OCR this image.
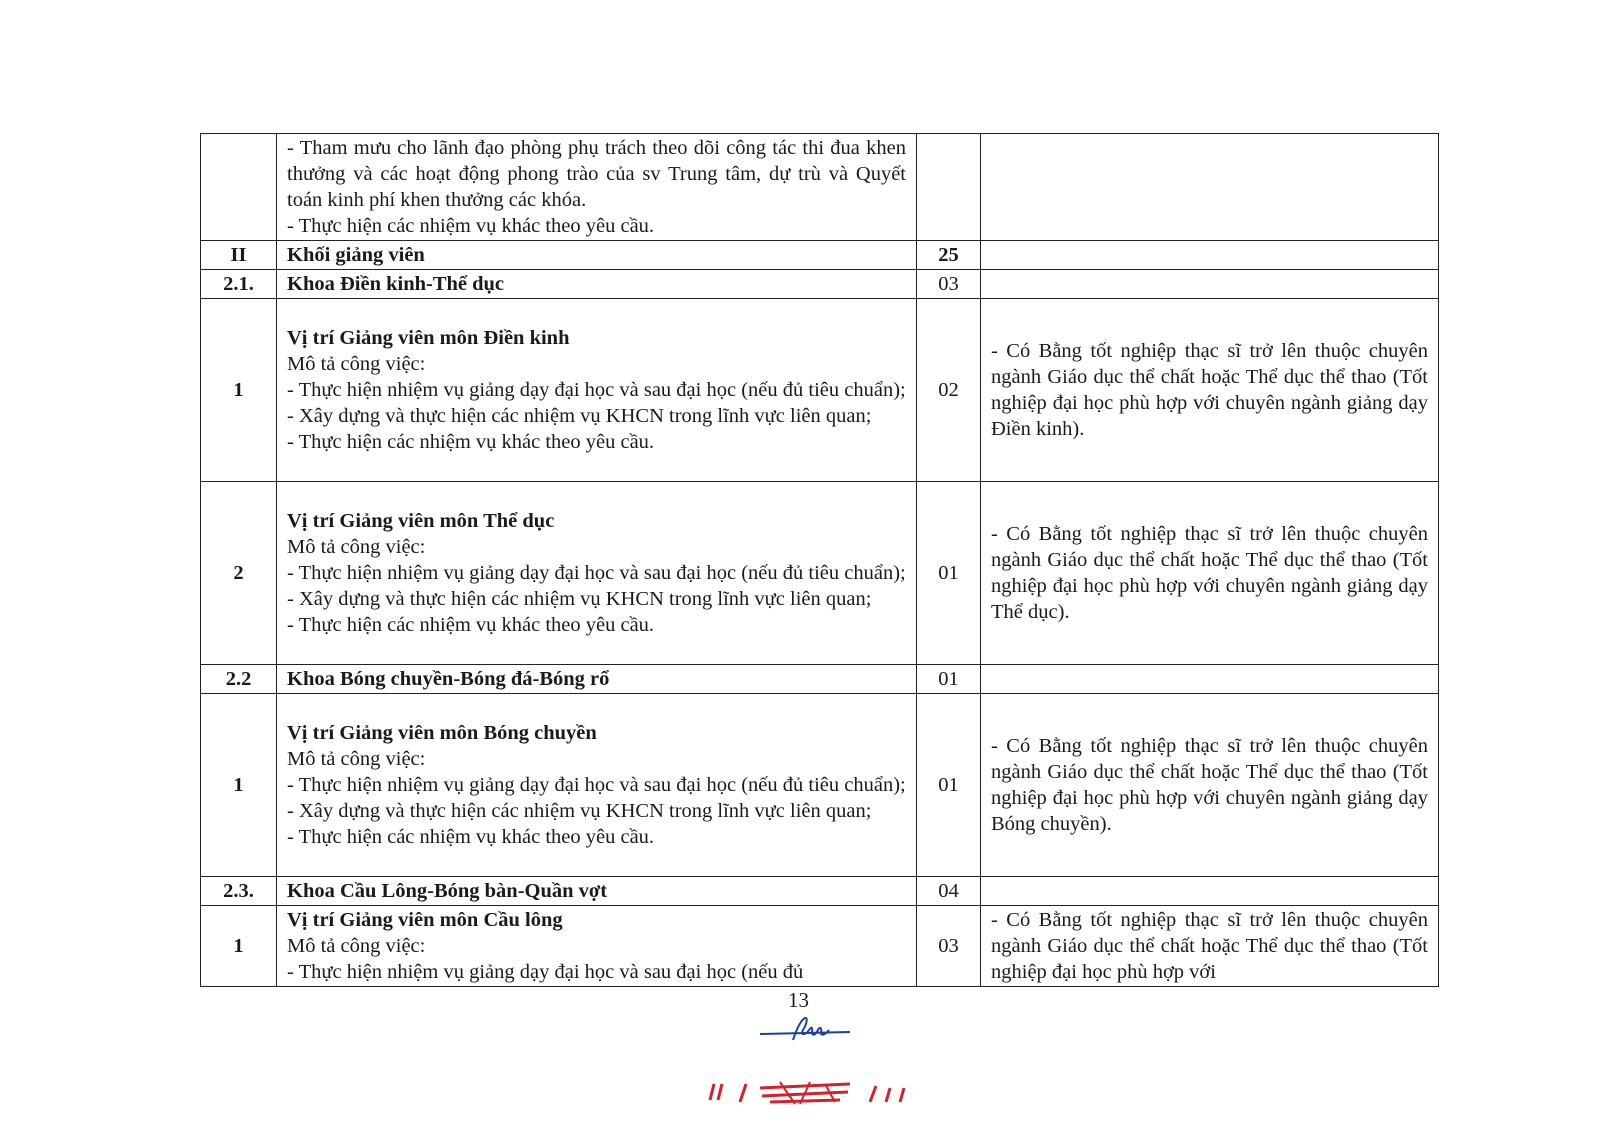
	- Tham mưu cho lãnh đạo phòng phụ trách theo dõi công tác thi đua khen thưởng và các hoạt động phong trào của sv Trung tâm, dự trù và Quyết toán kinh phí khen thưởng các khóa.
- Thực hiện các nhiệm vụ khác theo yêu cầu.		

II	Khối giảng viên	25	
2.1.	Khoa Điền kinh-Thể dục	03	
1	Vị trí Giảng viên môn Điền kinh
Mô tả công việc:
- Thực hiện nhiệm vụ giảng dạy đại học và sau đại học (nếu đủ tiêu chuẩn);
- Xây dựng và thực hiện các nhiệm vụ KHCN trong lĩnh vực liên quan;
- Thực hiện các nhiệm vụ khác theo yêu cầu.	02	- Có Bằng tốt nghiệp thạc sĩ trở lên thuộc chuyên ngành Giáo dục thể chất hoặc Thể dục thể thao (Tốt nghiệp đại học phù hợp với chuyên ngành giảng dạy Điền kinh).
2	Vị trí Giảng viên môn Thể dục
Mô tả công việc:
- Thực hiện nhiệm vụ giảng dạy đại học và sau đại học (nếu đủ tiêu chuẩn);
- Xây dựng và thực hiện các nhiệm vụ KHCN trong lĩnh vực liên quan;
- Thực hiện các nhiệm vụ khác theo yêu cầu.	01	- Có Bằng tốt nghiệp thạc sĩ trở lên thuộc chuyên ngành Giáo dục thể chất hoặc Thể dục thể thao (Tốt nghiệp đại học phù hợp với chuyên ngành giảng dạy Thể dục).
2.2	Khoa Bóng chuyền-Bóng đá-Bóng rổ	01	
1	Vị trí Giảng viên môn Bóng chuyền
Mô tả công việc:
- Thực hiện nhiệm vụ giảng dạy đại học và sau đại học (nếu đủ tiêu chuẩn);
- Xây dựng và thực hiện các nhiệm vụ KHCN trong lĩnh vực liên quan;
- Thực hiện các nhiệm vụ khác theo yêu cầu.	01	- Có Bằng tốt nghiệp thạc sĩ trở lên thuộc chuyên ngành Giáo dục thể chất hoặc Thể dục thể thao (Tốt nghiệp đại học phù hợp với chuyên ngành giảng dạy Bóng chuyền).
2.3.	Khoa Cầu Lông-Bóng bàn-Quần vợt	04	
1	Vị trí Giảng viên môn Cầu lông
Mô tả công việc:
- Thực hiện nhiệm vụ giảng dạy đại học và sau đại học (nếu đủ	03	- Có Bằng tốt nghiệp thạc sĩ trở lên thuộc chuyên ngành Giáo dục thể chất hoặc Thể dục thể thao (Tốt nghiệp đại học phù hợp với
13
